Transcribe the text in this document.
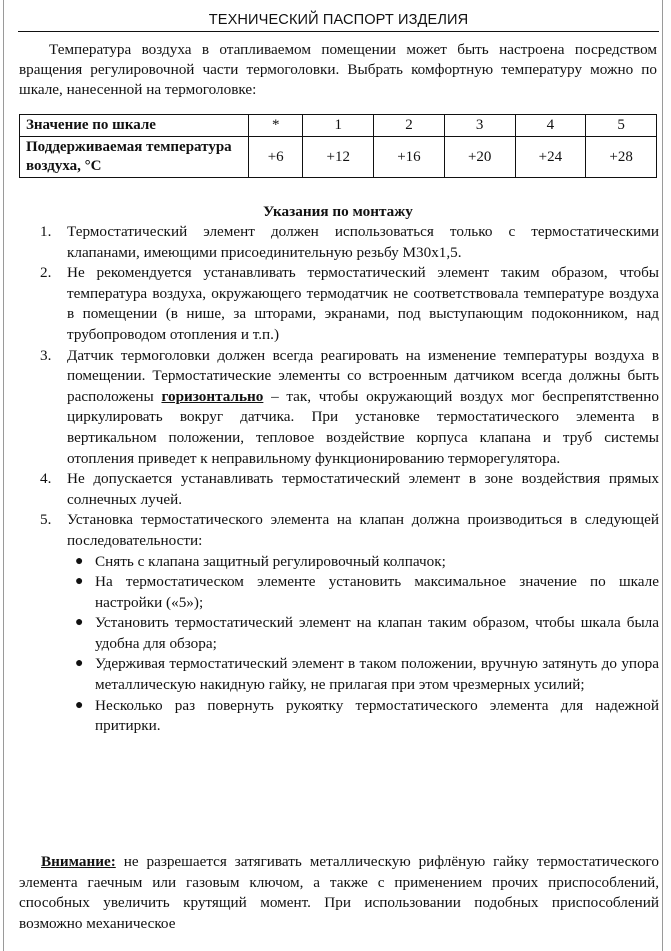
ТЕХНИЧЕСКИЙ ПАСПОРТ ИЗДЕЛИЯ

Температура воздуха в отапливаемом помещении может быть настроена посредством вращения регулировочной части термоголовки. Выбрать комфортную температуру можно по шкале, нанесенной на термоголовке:

Значение по шкале	*	1	2	3	4	5
Поддерживаемая температура воздуха, °С	+6	+12	+16	+20	+24	+28
Указания по монтажу
1. Термостатический элемент должен использоваться только с термостатическими клапанами, имеющими присоединительную резьбу М30х1,5.
2. Не рекомендуется устанавливать термостатический элемент таким образом, чтобы температура воздуха, окружающего термодатчик не соответствовала температуре воздуха в помещении (в нише, за шторами, экранами, под выступающим подоконником, над трубопроводом отопления и т.п.)
3. Датчик термоголовки должен всегда реагировать на изменение температуры воздуха в помещении. Термостатические элементы со встроенным датчиком всегда должны быть расположены горизонтально – так, чтобы окружающий воздух мог беспрепятственно циркулировать вокруг датчика. При установке термостатического элемента в вертикальном положении, тепловое воздействие корпуса клапана и труб системы отопления приведет к неправильному функционированию терморегулятора.
4. Не допускается устанавливать термостатический элемент в зоне воздействия прямых солнечных лучей.
5. Установка термостатического элемента на клапан должна производиться в следующей последовательности:
● Снять с клапана защитный регулировочный колпачок;
● На термостатическом элементе установить максимальное значение по шкале настройки («5»);
● Установить термостатический элемент на клапан таким образом, чтобы шкала была удобна для обзора;
● Удерживая термостатический элемент в таком положении, вручную затянуть до упора металлическую накидную гайку, не прилагая при этом чрезмерных усилий;
● Несколько раз повернуть рукоятку термостатического элемента для надежной притирки.

Внимание: не разрешается затягивать металлическую рифлёную гайку термостатического элемента гаечным или газовым ключом, а также с применением прочих приспособлений, способных увеличить крутящий момент. При использовании подобных приспособлений возможно механическое
